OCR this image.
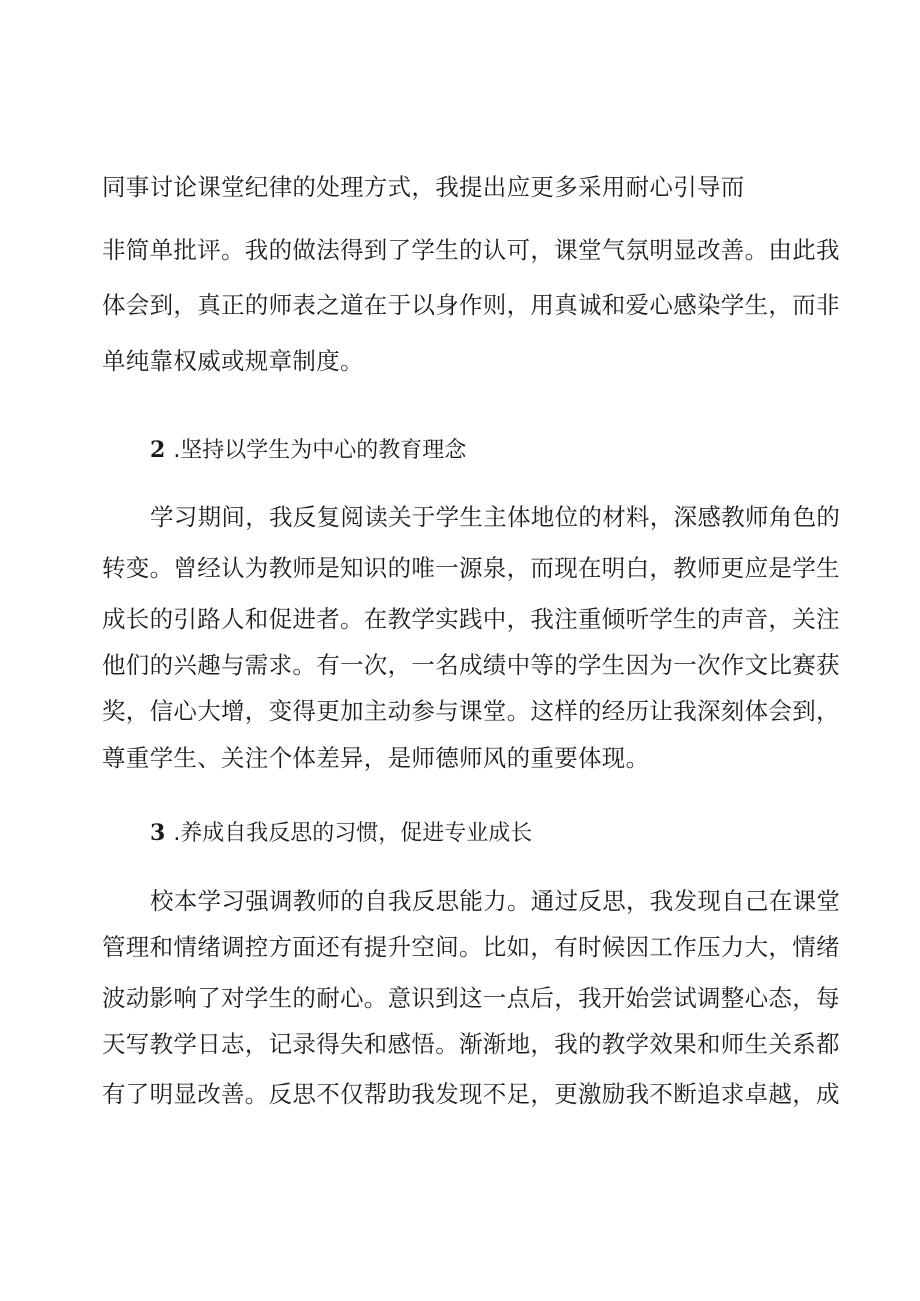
同事讨论课堂纪律的处理方式，我提出应更多采用耐心引导而
非简单批评。我的做法得到了学生的认可，课堂气氛明显改善。由此我
体会到，真正的师表之道在于以身作则，用真诚和爱心感染学生，而非
单纯靠权威或规章制度。
2 .坚持以学生为中心的教育理念
学习期间，我反复阅读关于学生主体地位的材料，深感教师角色的
转变。曾经认为教师是知识的唯一源泉，而现在明白，教师更应是学生
成长的引路人和促进者。在教学实践中，我注重倾听学生的声音，关注
他们的兴趣与需求。有一次，一名成绩中等的学生因为一次作文比赛获
奖，信心大增，变得更加主动参与课堂。这样的经历让我深刻体会到，
尊重学生、关注个体差异，是师德师风的重要体现。
3 .养成自我反思的习惯，促进专业成长
校本学习强调教师的自我反思能力。通过反思，我发现自己在课堂
管理和情绪调控方面还有提升空间。比如，有时候因工作压力大，情绪
波动影响了对学生的耐心。意识到这一点后，我开始尝试调整心态，每
天写教学日志，记录得失和感悟。渐渐地，我的教学效果和师生关系都
有了明显改善。反思不仅帮助我发现不足，更激励我不断追求卓越，成
